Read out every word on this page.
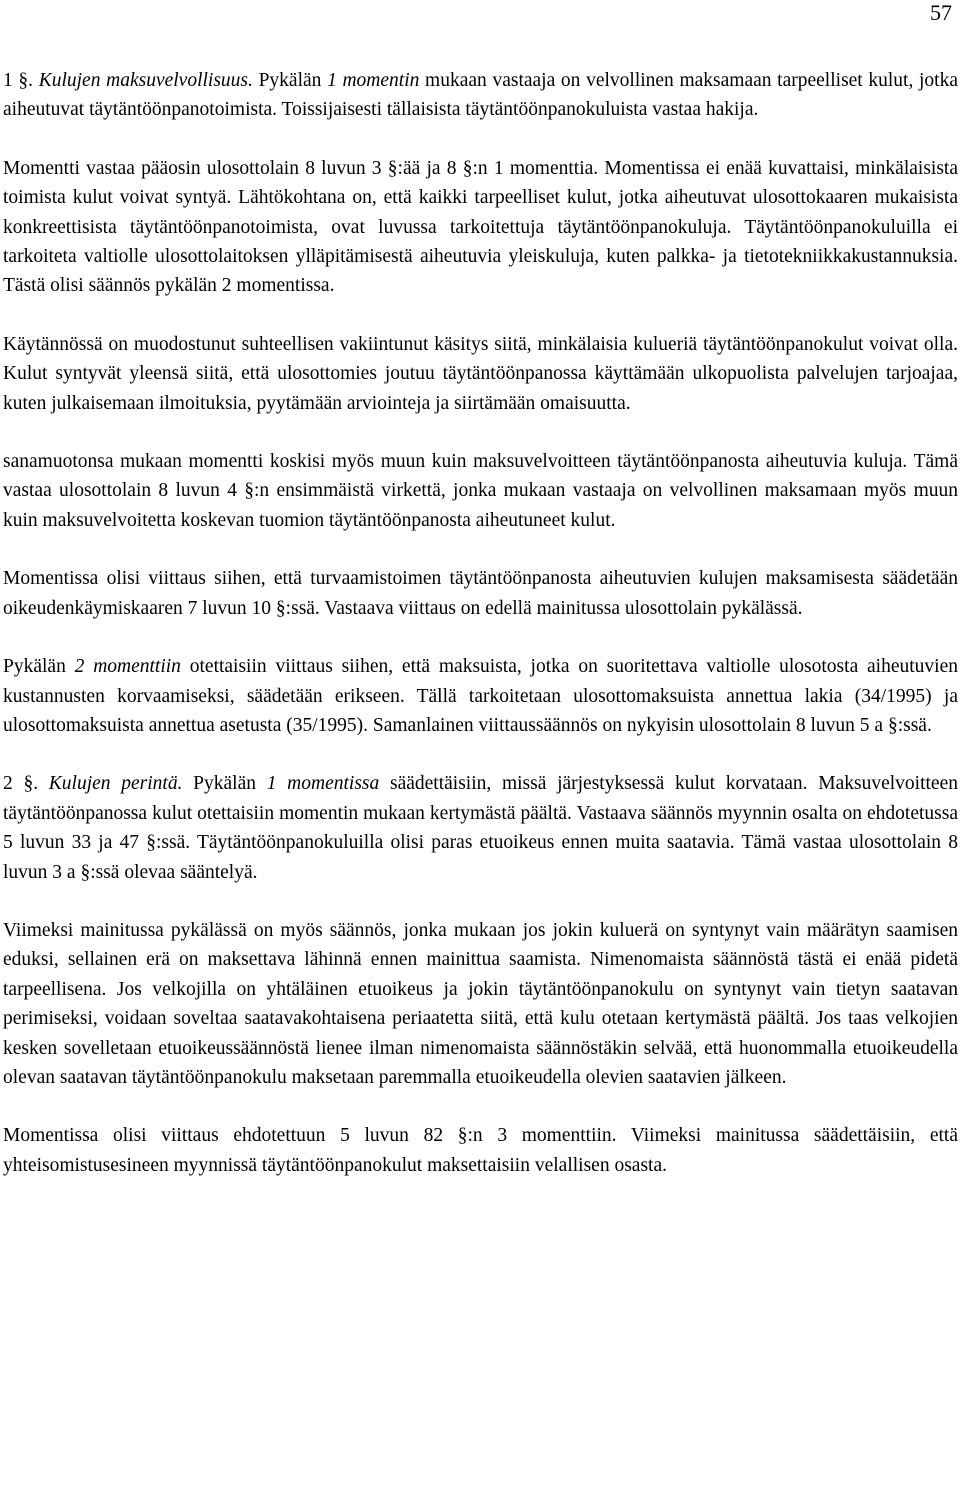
57

1 §. Kulujen maksuvelvollisuus. Pykälän 1 momentin mukaan vastaaja on velvollinen maksamaan tarpeelliset kulut, jotka aiheutuvat täytäntöönpanotoimista. Toissijaisesti tällaisista täytäntöönpanokuluista vastaa hakija.

Momentti vastaa pääosin ulosottolain 8 luvun 3 §:ää ja 8 §:n 1 momenttia. Momentissa ei enää kuvattaisi, minkälaisista toimista kulut voivat syntyä. Lähtökohtana on, että kaikki tarpeelliset kulut, jotka aiheutuvat ulosottokaaren mukaisista konkreettisista täytäntöönpanotoimista, ovat luvussa tarkoitettuja täytäntöönpanokuluja. Täytäntöönpanokuluilla ei tarkoiteta valtiolle ulosottolaitoksen ylläpitämisestä aiheutuvia yleiskuluja, kuten palkka- ja tietotekniikkakustannuksia. Tästä olisi säännös pykälän 2 momentissa.

Käytännössä on muodostunut suhteellisen vakiintunut käsitys siitä, minkälaisia kulueriä täytäntöönpanokulut voivat olla. Kulut syntyvät yleensä siitä, että ulosottomies joutuu täytäntöönpanossa käyttämään ulkopuolista palvelujen tarjoajaa, kuten julkaisemaan ilmoituksia, pyytämään arviointeja ja siirtämään omaisuutta.

sanamuotonsa mukaan momentti koskisi myös muun kuin maksuvelvoitteen täytäntöönpanosta aiheutuvia kuluja. Tämä vastaa ulosottolain 8 luvun 4 §:n ensimmäistä virkettä, jonka mukaan vastaaja on velvollinen maksamaan myös muun kuin maksuvelvoitetta koskevan tuomion täytäntöönpanosta aiheutuneet kulut.

Momentissa olisi viittaus siihen, että turvaamistoimen täytäntöönpanosta aiheutuvien kulujen maksamisesta säädetään oikeudenkäymiskaaren 7 luvun 10 §:ssä. Vastaava viittaus on edellä mainitussa ulosottolain pykälässä.

Pykälän 2 momenttiin otettaisiin viittaus siihen, että maksuista, jotka on suoritettava valtiolle ulosotosta aiheutuvien kustannusten korvaamiseksi, säädetään erikseen. Tällä tarkoitetaan ulosottomaksuista annettua lakia (34/1995) ja ulosottomaksuista annettua asetusta (35/1995). Samanlainen viittaussäännös on nykyisin ulosottolain 8 luvun 5 a §:ssä.

2 §. Kulujen perintä. Pykälän 1 momentissa säädettäisiin, missä järjestyksessä kulut korvataan. Maksuvelvoitteen täytäntöönpanossa kulut otettaisiin momentin mukaan kertymästä päältä. Vastaava säännös myynnin osalta on ehdotetussa 5 luvun 33 ja 47 §:ssä. Täytäntöönpanokuluilla olisi paras etuoikeus ennen muita saatavia. Tämä vastaa ulosottolain 8 luvun 3 a §:ssä olevaa sääntelyä.

Viimeksi mainitussa pykälässä on myös säännös, jonka mukaan jos jokin kuluerä on syntynyt vain määrätyn saamisen eduksi, sellainen erä on maksettava lähinnä ennen mainittua saamista. Nimenomaista säännöstä tästä ei enää pidetä tarpeellisena. Jos velkojilla on yhtäläinen etuoikeus ja jokin täytäntöönpanokulu on syntynyt vain tietyn saatavan perimiseksi, voidaan soveltaa saatavakohtaisena periaatetta siitä, että kulu otetaan kertymästä päältä. Jos taas velkojien kesken sovelletaan etuoikeussäännöstä lienee ilman nimenomaista säännöstäkin selvää, että huonommalla etuoikeudella olevan saatavan täytäntöönpanokulu maksetaan paremmalla etuoikeudella olevien saatavien jälkeen.

Momentissa olisi viittaus ehdotettuun 5 luvun 82 §:n 3 momenttiin. Viimeksi mainitussa säädettäisiin, että yhteisomistusesineen myynnissä täytäntöönpanokulut maksettaisiin velallisen osasta.
